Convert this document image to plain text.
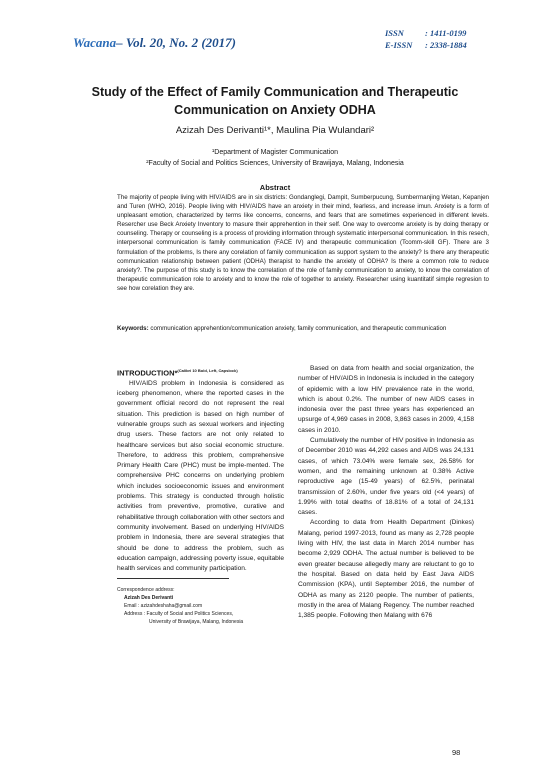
Wacana– Vol. 20, No. 2 (2017)
ISSN : 1411-0199
E-ISSN : 2338-1884
Study of the Effect of Family Communication and Therapeutic
Communication on Anxiety ODHA
Azizah Des Derivanti¹*, Maulina Pia Wulandari²
¹Department of Magister Communication
²Faculty of Social and Politics Sciences, University of Brawijaya, Malang, Indonesia
Abstract

The majority of people living with HIV/AIDS are in six districts: Gondanglegi, Dampit, Sumberpucung, Sumbermanjing Wetan, Kepanjen and Turen (WHO, 2016). People living with HIV/AIDS have an anxiety in their mind, fearless, and increase imun. Anxiety is a form of unpleasant emotion, characterized by terms like concerns, concerns, and fears that are sometimes experienced in different levels. Resercher use Beck Anxiety Inventory to masure their apprehention in their self. One way to overcome anxiety is by doing therapy or counseling. Therapy or counseling is a process of providing information through systematic interpersonal communication. In this resech, interpersonal communication is family communication (FACE IV) and therapeutic communication (Tcomm-skill GF). There are 3 formulation of the problems, Is there any corelation of family communication as support system to the anxiety? Is there any therapeutic communication relationship between patient (ODHA) therapist to handle the anxiety of ODHA? Is there a common role to reduce anxiety?. The purpose of this study is to know the correlation of the role of family communication to anxiety, to know the correlation of therapeutic communication role to anxiety and to know the role of together to anxiety. Researcher using kuantitatif simple regresion to see how corelation they are.

Keywords: communication apprehention/communication anxiety, family communication, and therapeutic communication

INTRODUCTION*$^{(Calibri 10 Bold, Left, Capslock)}$

HIV/AIDS problem in Indonesia is considered as iceberg phenomenon, where the reported cases in the government official record do not represent the real situation. This prediction is based on high number of vulnerable groups such as sexual workers and injecting drug users. These factors are not only related to healthcare services but also social economic structure. Therefore, to address this problem, comprehensive Primary Health Care (PHC) must be imple-mented. The comprehensive PHC concerns on underlying problem which includes socioeconomic issues and environment problems. This strategy is conducted through holistic activities from preventive, promotive, curative and rehabilitative through collaboration with other sectors and community involvement. Based on underlying HIV/AIDS problem in Indonesia, there are several strategies that should be done to address the problem, such as education campaign, addressing poverty issue, equitable health services and community participation.

Based on data from health and social organization, the number of HIV/AIDS in Indonesia is included in the category of epidemic with a low HIV prevalence rate in the world, which is about 0.2%. The number of new AIDS cases in indonesia over the past three years has experienced an upsurge of 4,969 cases in 2008, 3,863 cases in 2009, 4,158 cases in 2010.

Cumulatively the number of HIV positive in Indonesia as of December 2010 was 44,292 cases and AIDS was 24,131 cases, of which 73.04% were female sex, 26.58% for women, and the remaining unknown at 0.38% Active reproductive age (15-49 years) of 62.5%, perinatal transmission of 2.60%, under five years old (<4 years) of 1.99% with total deaths of 18.81% of a total of 24,131 cases.

According to data from Health Department (Dinkes) Malang, period 1997-2013, found as many as 2,728 people living with HIV, the last data in March 2014 number has become 2,929 ODHA. The actual number is believed to be even greater because allegedly many are reluctant to go to the hospital. Based on data held by East Java AIDS Commission (KPA), until September 2016, the number of ODHA as many as 2120 people. The number of patients, mostly in the area of Malang Regency. The number reached 1,385 people. Following then Malang with 676

Correspondence address:
Azizah Des Derivanti
Email : azizahdeshaha@gmail.com
Address : Faculty of Social and Politics Sciences,
University of Brawijaya, Malang, Indonesia
98
